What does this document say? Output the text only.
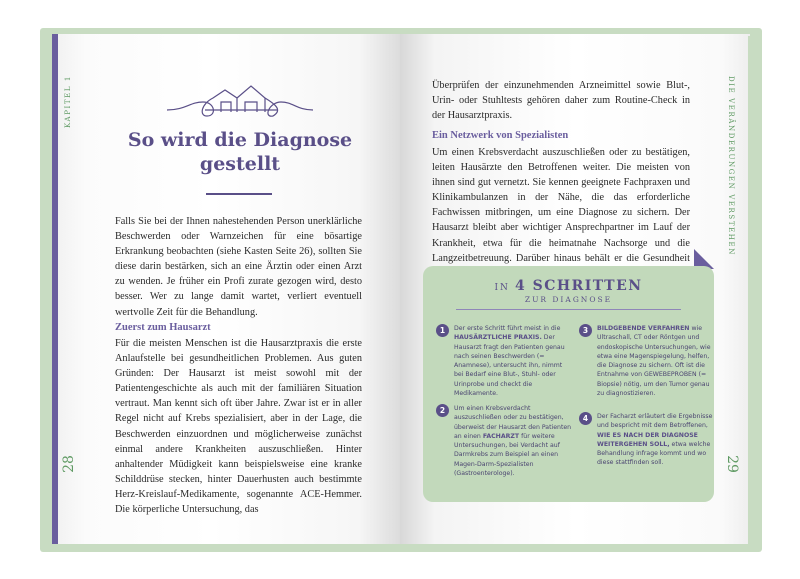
KAPITEL 1	DIE VERÄNDERUNGEN VERSTEHEN
28	29
So wird die Diagnose gestellt
Falls Sie bei der Ihnen nahestehenden Person unerklärliche Beschwerden oder Warnzeichen für eine bösartige Erkrankung beobachten (siehe Kasten Seite 26), sollten Sie diese darin bestärken, sich an eine Ärztin oder einen Arzt zu wenden. Je früher ein Profi zurate gezogen wird, desto besser. Wer zu lange damit wartet, verliert eventuell wertvolle Zeit für die Behandlung.
Zuerst zum Hausarzt
Für die meisten Menschen ist die Hausarztpraxis die erste Anlaufstelle bei gesundheitlichen Problemen. Aus guten Gründen: Der Hausarzt ist meist sowohl mit der Patientengeschichte als auch mit der familiären Situation vertraut. Man kennt sich oft über Jahre. Zwar ist er in aller Regel nicht auf Krebs spezialisiert, aber in der Lage, die Beschwerden einzuordnen und möglicherweise zunächst einmal andere Krankheiten auszuschließen. Hinter anhaltender Müdigkeit kann beispielsweise eine kranke Schilddrüse stecken, hinter Dauerhusten auch bestimmte Herz-Kreislauf-Medikamente, sogenannte ACE-Hemmer. Die körperliche Untersuchung, das
Überprüfen der einzunehmenden Arzneimittel sowie Blut-, Urin- oder Stuhltests gehören daher zum Routine-Check in der Hausarztpraxis.
Ein Netzwerk von Spezialisten
Um einen Krebsverdacht auszuschließen oder zu bestätigen, leiten Hausärzte den Betroffenen weiter. Die meisten von ihnen sind gut vernetzt. Sie kennen geeignete Fachpraxen und Klinikambulanzen in der Nähe, die das erforderliche Fachwissen mitbringen, um eine Diagnose zu sichern. Der Hausarzt bleibt aber wichtiger Ansprechpartner im Lauf der Krankheit, etwa für die heimatnahe Nachsorge und die Langzeitbetreuung. Darüber hinaus behält er die Gesundheit
IN 4 SCHRITTEN
ZUR DIAGNOSE
1	Der erste Schritt führt meist in die HAUSÄRZTLICHE PRAXIS. Der Hausarzt fragt den Patienten genau nach seinen Beschwerden (= Anamnese), untersucht ihn, nimmt bei Bedarf eine Blut-, Stuhl- oder Urinprobe und checkt die Medikamente.
2	Um einen Krebsverdacht auszuschließen oder zu bestätigen, überweist der Hausarzt den Patienten an einen FACHARZT für weitere Untersuchungen, bei Verdacht auf Darmkrebs zum Beispiel an einen Magen-Darm-Spezialisten (Gastroenterologe).
3	BILDGEBENDE VERFAHREN wie Ultraschall, CT oder Röntgen und endoskopische Untersuchungen, wie etwa eine Magenspiegelung, helfen, die Diagnose zu sichern. Oft ist die Entnahme von GEWEBEPROBEN (= Biopsie) nötig, um den Tumor genau zu diagnostizieren.
4	Der Facharzt erläutert die Ergebnisse und bespricht mit dem Betroffenen, WIE ES NACH DER DIAGNOSE WEITERGEHEN SOLL, etwa welche Behandlung infrage kommt und wo diese stattfinden soll.
